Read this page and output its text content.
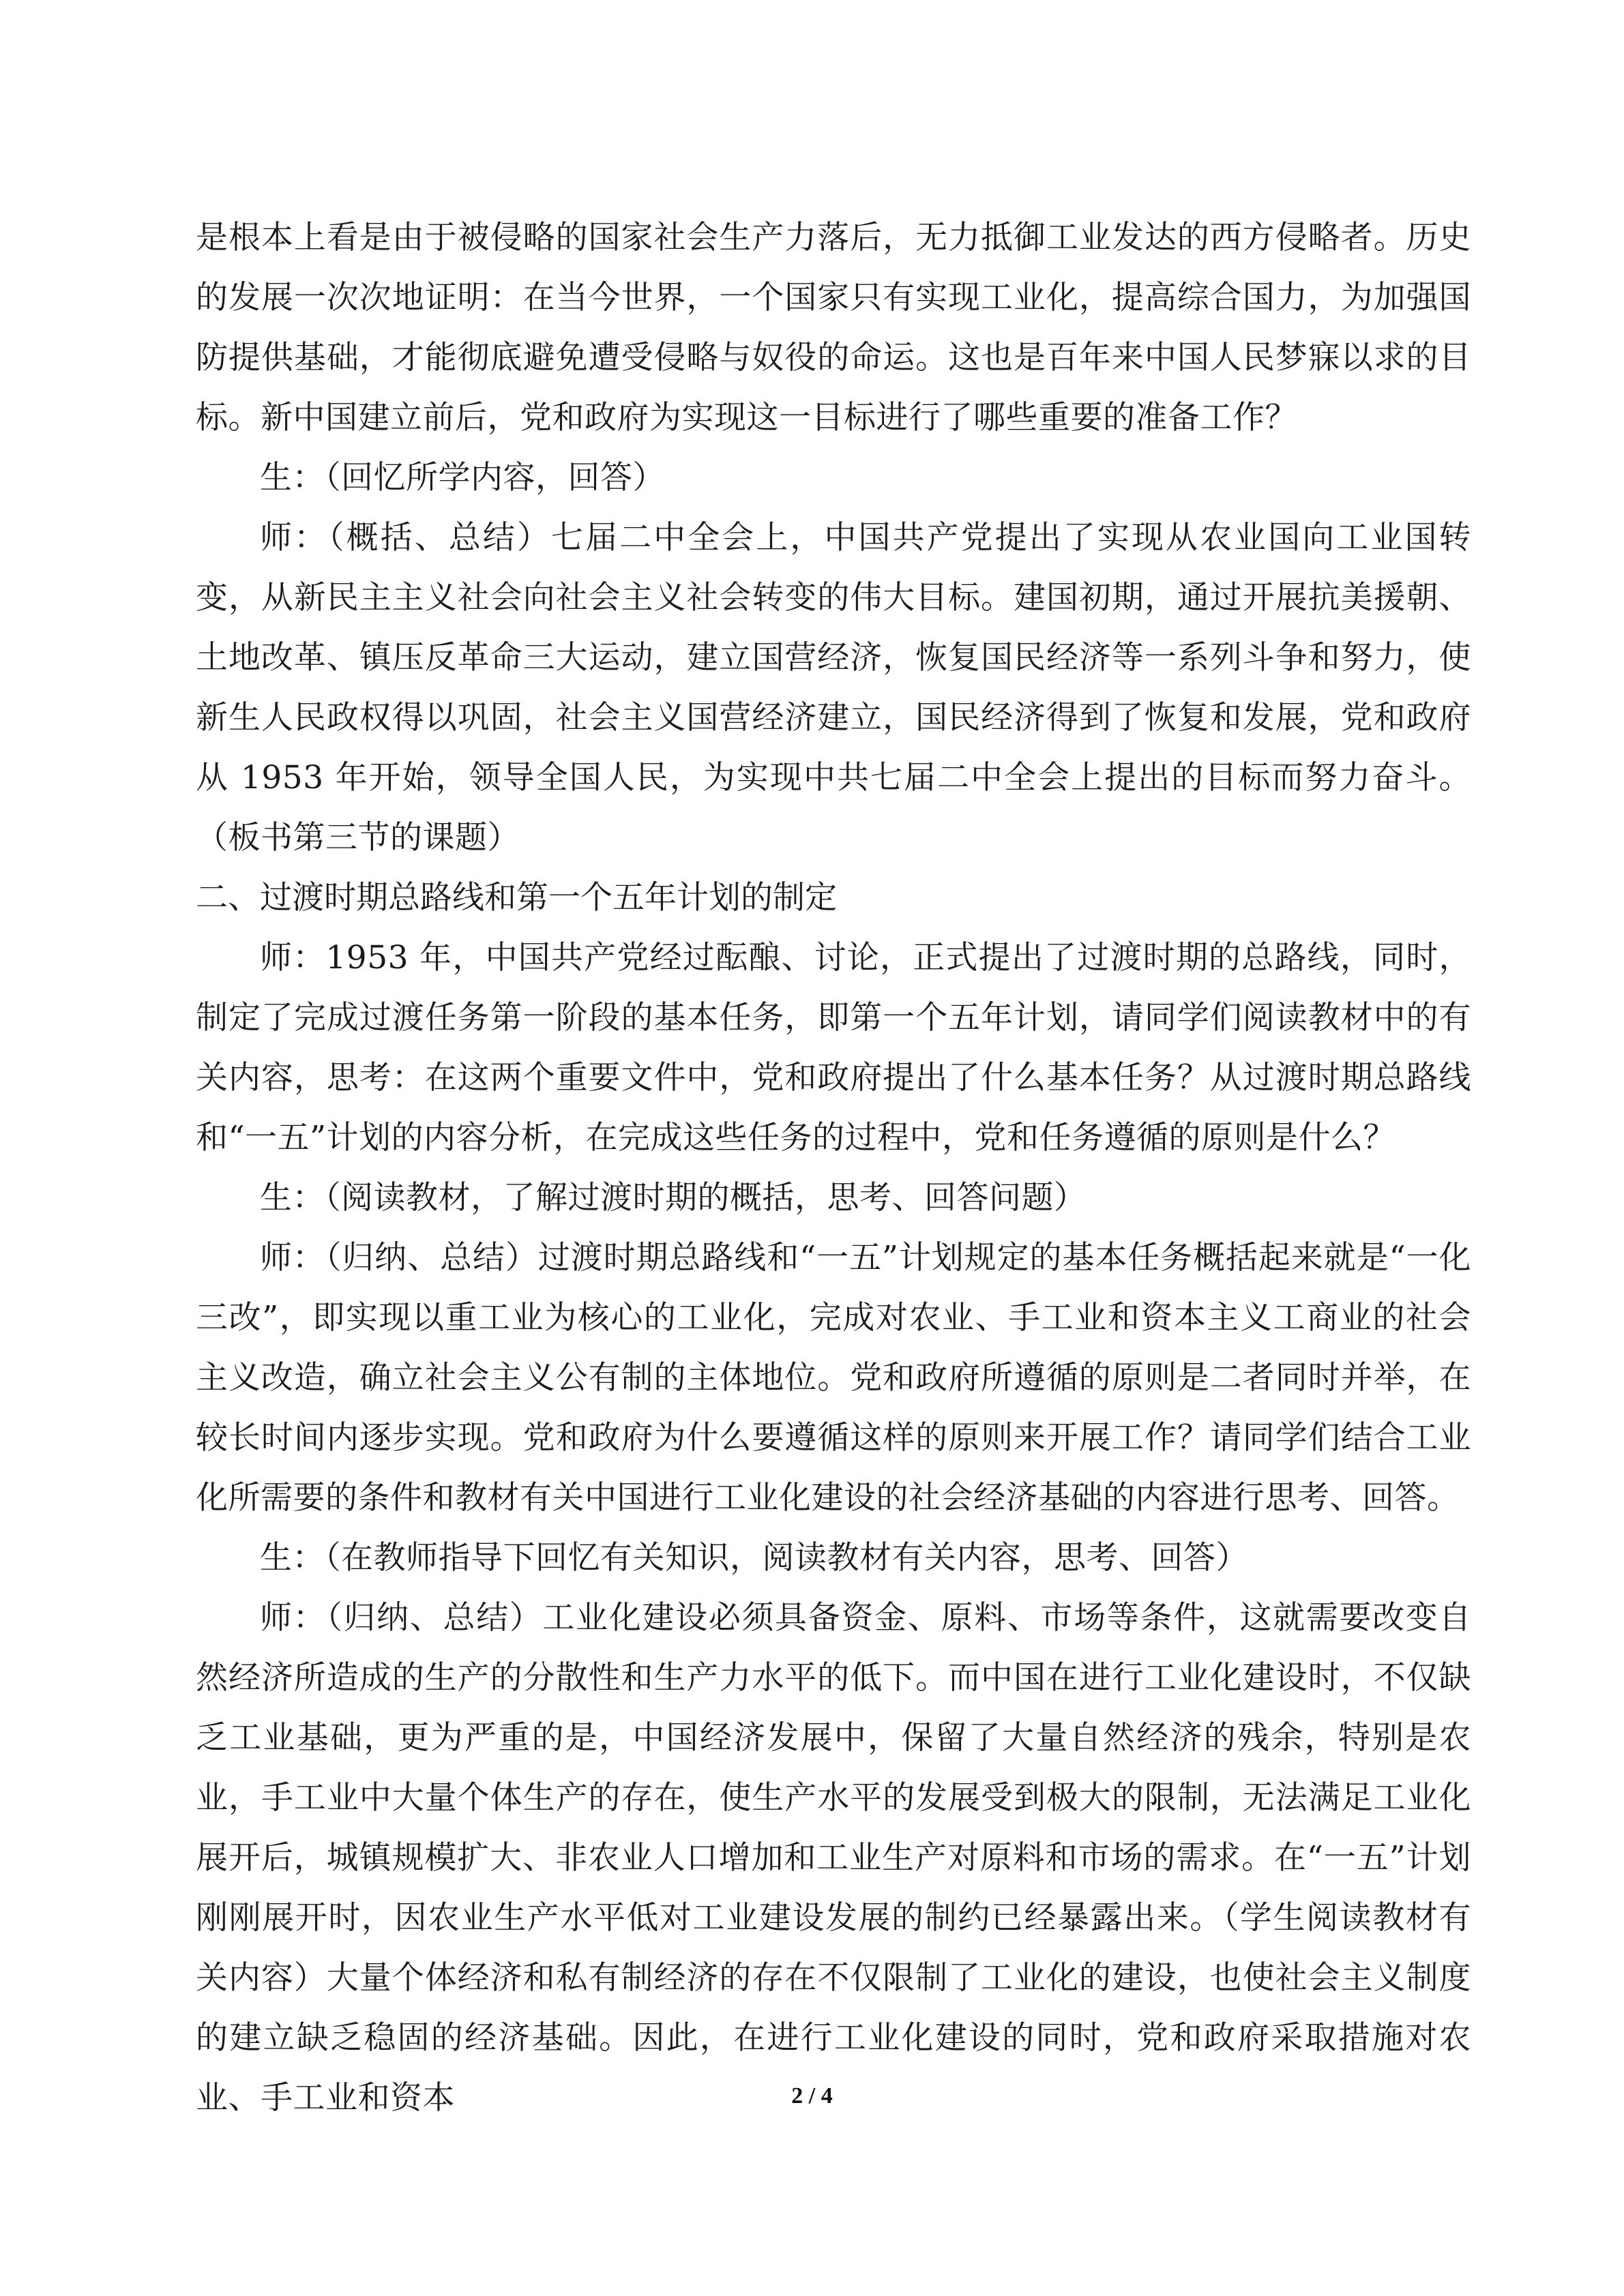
是根本上看是由于被侵略的国家社会生产力落后，无力抵御工业发达的西方侵略者。历史的发展一次次地证明：在当今世界，一个国家只有实现工业化，提高综合国力，为加强国防提供基础，才能彻底避免遭受侵略与奴役的命运。这也是百年来中国人民梦寐以求的目标。新中国建立前后，党和政府为实现这一目标进行了哪些重要的准备工作？

生：（回忆所学内容，回答）

师：（概括、总结）七届二中全会上，中国共产党提出了实现从农业国向工业国转变，从新民主主义社会向社会主义社会转变的伟大目标。建国初期，通过开展抗美援朝、土地改革、镇压反革命三大运动，建立国营经济，恢复国民经济等一系列斗争和努力，使新生人民政权得以巩固，社会主义国营经济建立，国民经济得到了恢复和发展，党和政府从 1953 年开始，领导全国人民，为实现中共七届二中全会上提出的目标而努力奋斗。（板书第三节的课题）

二、过渡时期总路线和第一个五年计划的制定

师：1953 年，中国共产党经过酝酿、讨论，正式提出了过渡时期的总路线，同时，制定了完成过渡任务第一阶段的基本任务，即第一个五年计划，请同学们阅读教材中的有关内容，思考：在这两个重要文件中，党和政府提出了什么基本任务？从过渡时期总路线和“一五”计划的内容分析，在完成这些任务的过程中，党和任务遵循的原则是什么？

生：（阅读教材，了解过渡时期的概括，思考、回答问题）

师：（归纳、总结）过渡时期总路线和“一五”计划规定的基本任务概括起来就是“一化三改”，即实现以重工业为核心的工业化，完成对农业、手工业和资本主义工商业的社会主义改造，确立社会主义公有制的主体地位。党和政府所遵循的原则是二者同时并举，在较长时间内逐步实现。党和政府为什么要遵循这样的原则来开展工作？请同学们结合工业化所需要的条件和教材有关中国进行工业化建设的社会经济基础的内容进行思考、回答。

生：（在教师指导下回忆有关知识，阅读教材有关内容，思考、回答）

师：（归纳、总结）工业化建设必须具备资金、原料、市场等条件，这就需要改变自然经济所造成的生产的分散性和生产力水平的低下。而中国在进行工业化建设时，不仅缺乏工业基础，更为严重的是，中国经济发展中，保留了大量自然经济的残余，特别是农业，手工业中大量个体生产的存在，使生产水平的发展受到极大的限制，无法满足工业化展开后，城镇规模扩大、非农业人口增加和工业生产对原料和市场的需求。在“一五”计划刚刚展开时，因农业生产水平低对工业建设发展的制约已经暴露出来。（学生阅读教材有关内容）大量个体经济和私有制经济的存在不仅限制了工业化的建设，也使社会主义制度的建立缺乏稳固的经济基础。因此，在进行工业化建设的同时，党和政府采取措施对农业、手工业和资本	2 / 4
